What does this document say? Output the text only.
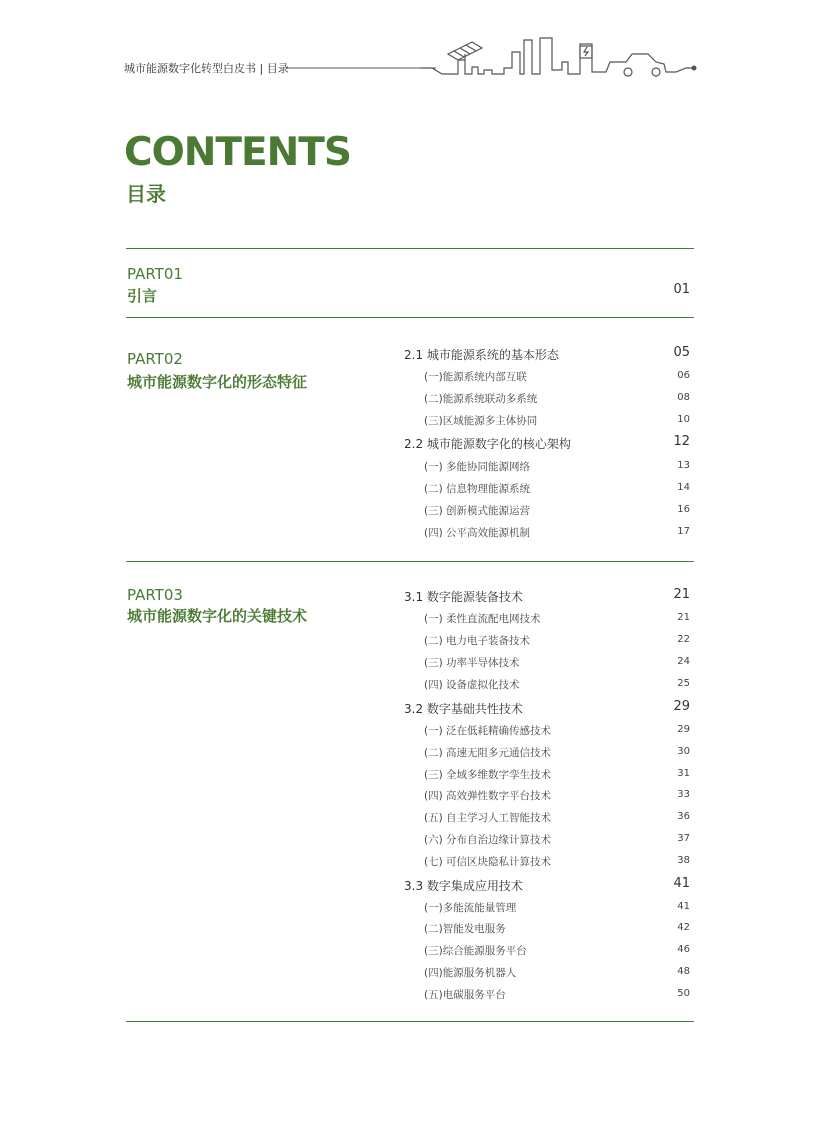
城市能源数字化转型白皮书 | 目录
CONTENTS
目录
PART01
引言	01
PART02
城市能源数字化的形态特征
PART03
城市能源数字化的关键技术
2.1 城市能源系统的基本形态	05
(一)能源系统内部互联	06
(二)能源系统联动多系统	08
(三)区域能源多主体协同	10
2.2 城市能源数字化的核心架构	12
(一) 多能协同能源网络	13
(二) 信息物理能源系统	14
(三) 创新模式能源运营	16
(四) 公平高效能源机制	17
3.1 数字能源装备技术	21
(一) 柔性直流配电网技术	21
(二) 电力电子装备技术	22
(三) 功率半导体技术	24
(四) 设备虚拟化技术	25
3.2 数字基础共性技术	29
(一) 泛在低耗精确传感技术	29
(二) 高速无阻多元通信技术	30
(三) 全域多维数字孪生技术	31
(四) 高效弹性数字平台技术	33
(五) 自主学习人工智能技术	36
(六) 分布自治边缘计算技术	37
(七) 可信区块隐私计算技术	38
3.3 数字集成应用技术	41
(一)多能流能量管理	41
(二)智能发电服务	42
(三)综合能源服务平台	46
(四)能源服务机器人	48
(五)电碳服务平台	50
